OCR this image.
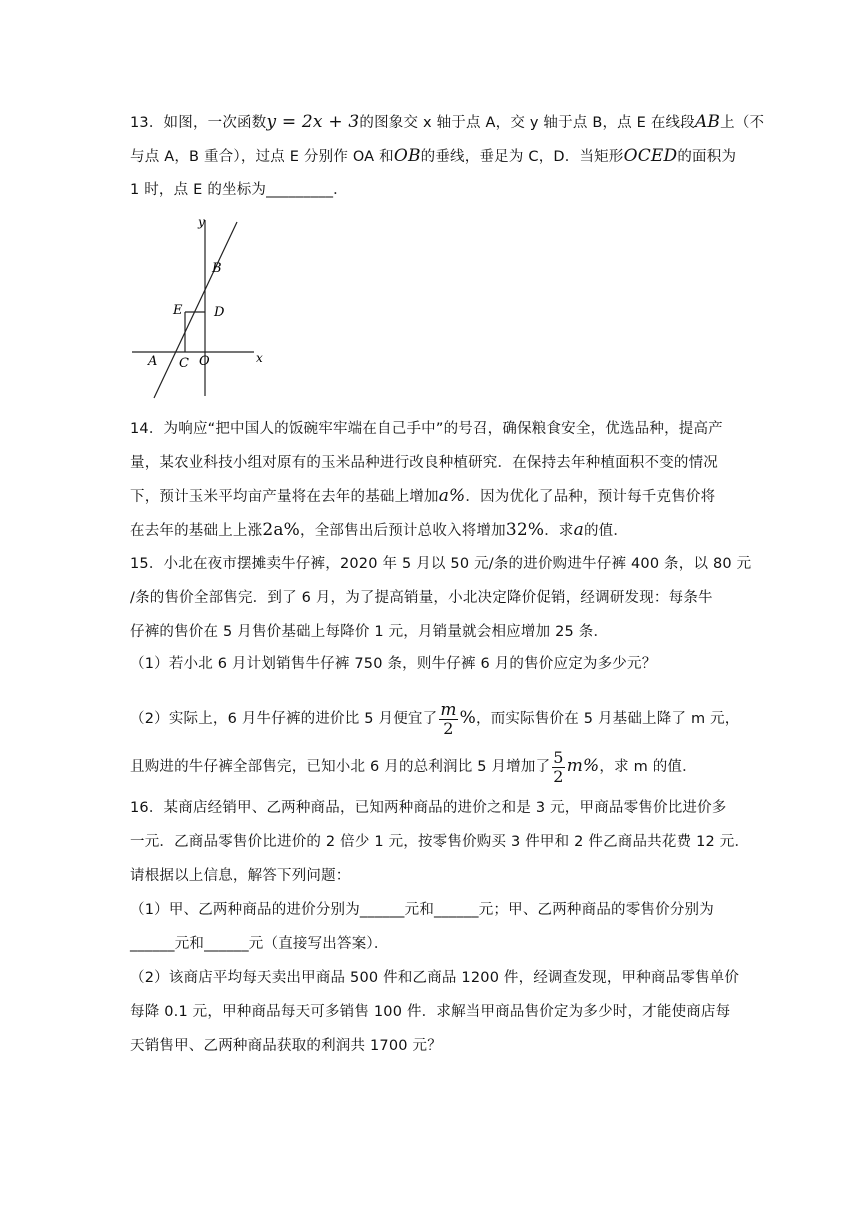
13．如图，一次函数y = 2x + 3的图象交 x 轴于点 A，交 y 轴于点 B，点 E 在线段AB上（不
与点 A，B 重合），过点 E 分别作 OA 和OB的垂线，垂足为 C，D．当矩形OCED的面积为
1 时，点 E 的坐标为_________．
y
x
B
E D
A C O
14．为响应“把中国人的饭碗牢牢端在自己手中”的号召，确保粮食安全，优选品种，提高产
量，某农业科技小组对原有的玉米品种进行改良种植研究．在保持去年种植面积不变的情况
下，预计玉米平均亩产量将在去年的基础上增加a%．因为优化了品种，预计每千克售价将
在去年的基础上上涨2a%，全部售出后预计总收入将增加32%．求a的值．
15．小北在夜市摆摊卖牛仔裤，2020 年 5 月以 50 元/条的进价购进牛仔裤 400 条，以 80 元
/条的售价全部售完．到了 6 月，为了提高销量，小北决定降价促销，经调研发现：每条牛
仔裤的售价在 5 月售价基础上每降价 1 元，月销量就会相应增加 25 条．
（1）若小北 6 月计划销售牛仔裤 750 条，则牛仔裤 6 月的售价应定为多少元？
（2）实际上，6 月牛仔裤的进价比 5 月便宜了 $\frac{m}{2}$ %，而实际售价在 5 月基础上降了 m 元，
且购进的牛仔裤全部售完，已知小北 6 月的总利润比 5 月增加了 $\frac{5}{2} m\%$，求 m 的值．
16．某商店经销甲、乙两种商品，已知两种商品的进价之和是 3 元，甲商品零售价比进价多
一元．乙商品零售价比进价的 2 倍少 1 元，按零售价购买 3 件甲和 2 件乙商品共花费 12 元．
请根据以上信息，解答下列问题：
（1）甲、乙两种商品的进价分别为______元和______元；甲、乙两种商品的零售价分别为
______元和______元（直接写出答案）．
（2）该商店平均每天卖出甲商品 500 件和乙商品 1200 件，经调查发现，甲种商品零售单价
每降 0.1 元，甲种商品每天可多销售 100 件．求解当甲商品售价定为多少时，才能使商店每
天销售甲、乙两种商品获取的利润共 1700 元？
